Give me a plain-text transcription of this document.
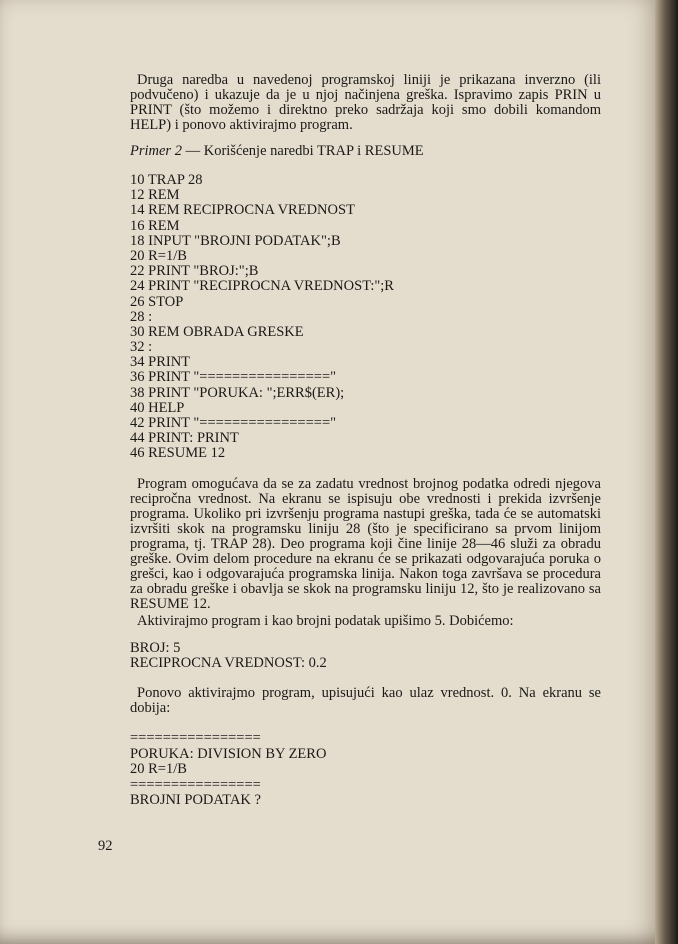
Druga naredba u navedenoj programskoj liniji je prikazana inverzno (ili podvučeno) i ukazuje da je u njoj načinjena greška. Ispravimo zapis PRIN u PRINT (što možemo i direktno preko sadržaja koji smo dobili komandom HELP) i ponovo aktivirajmo program.

Primer 2 — Korišćenje naredbi TRAP i RESUME
10 TRAP 28
12 REM
14 REM RECIPROCNA VREDNOST
16 REM
18 INPUT "BROJNI PODATAK";B
20 R=1/B
22 PRINT "BROJ:";B
24 PRINT "RECIPROCNA VREDNOST:";R
26 STOP
28 :
30 REM OBRADA GRESKE
32 :
34 PRINT
36 PRINT "================"
38 PRINT "PORUKA: ";ERR$(ER);
40 HELP
42 PRINT "================"
44 PRINT: PRINT
46 RESUME 12

Program omogućava da se za zadatu vrednost brojnog podatka odredi njegova recipročna vrednost. Na ekranu se ispisuju obe vrednosti i prekida izvršenje programa. Ukoliko pri izvršenju programa nastupi greška, tada će se automatski izvršiti skok na programsku liniju 28 (što je specificirano sa prvom linijom programa, tj. TRAP 28). Deo programa koji čine linije 28—46 služi za obradu greške. Ovim delom procedure na ekranu će se prikazati odgovarajuća poruka o grešci, kao i odgovarajuća programska linija. Nakon toga završava se procedura za obradu greške i obavlja se skok na programsku liniju 12, što je realizovano sa RESUME 12.

Aktivirajmo program i kao brojni podatak upišimo 5. Dobićemo:

BROJ: 5
RECIPROCNA VREDNOST: 0.2

Ponovo aktivirajmo program, upisujući kao ulaz vrednost. 0. Na ekranu se dobija:

================
PORUKA: DIVISION BY ZERO
20 R=1/B
================
BROJNI PODATAK ?
92
